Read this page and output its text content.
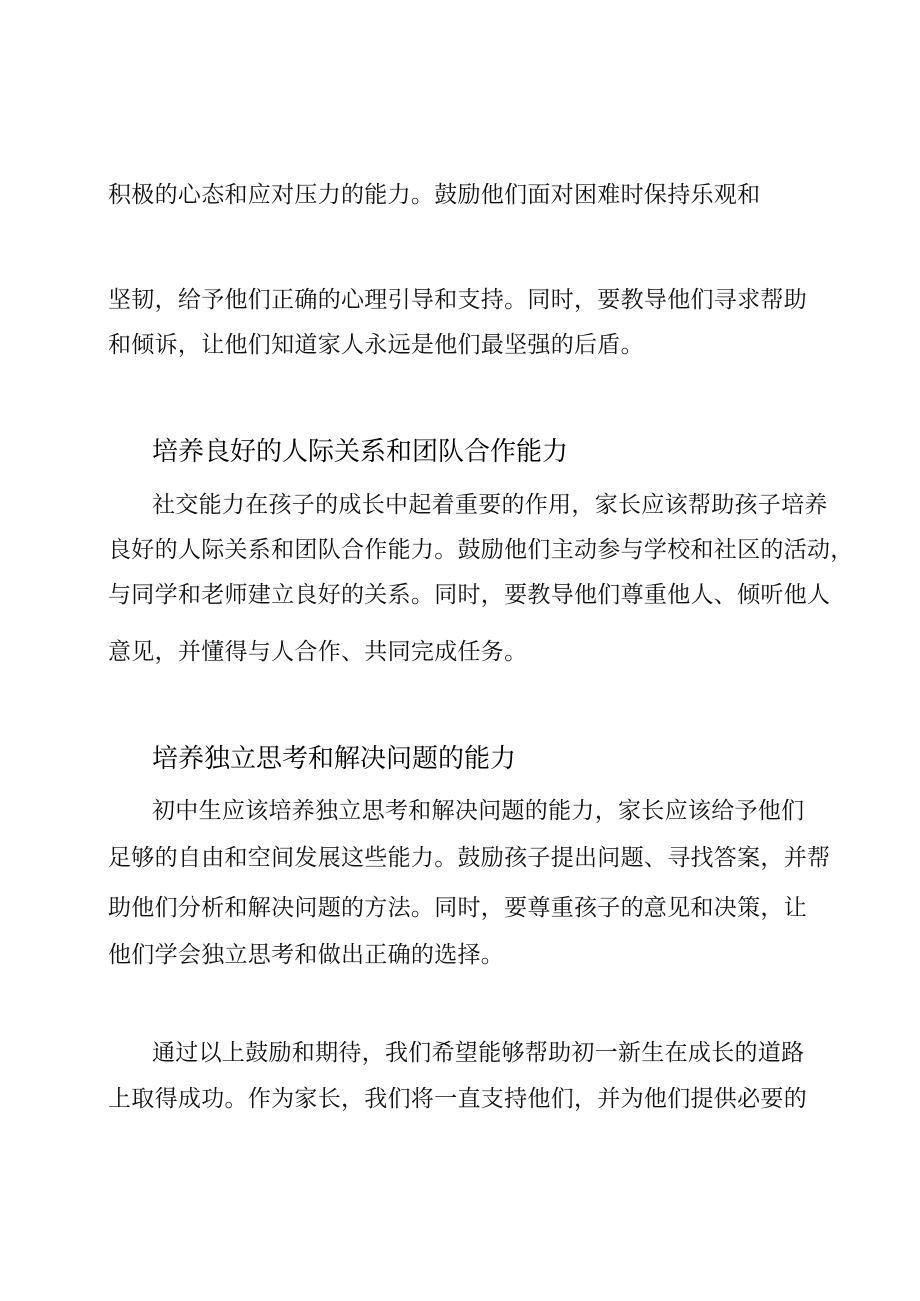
积极的心态和应对压力的能力。鼓励他们面对困难时保持乐观和
坚韧，给予他们正确的心理引导和支持。同时，要教导他们寻求帮助
和倾诉，让他们知道家人永远是他们最坚强的后盾。
培养良好的人际关系和团队合作能力
社交能力在孩子的成长中起着重要的作用，家长应该帮助孩子培养
良好的人际关系和团队合作能力。鼓励他们主动参与学校和社区的活动，
与同学和老师建立良好的关系。同时，要教导他们尊重他人、倾听他人
意见，并懂得与人合作、共同完成任务。
培养独立思考和解决问题的能力
初中生应该培养独立思考和解决问题的能力，家长应该给予他们
足够的自由和空间发展这些能力。鼓励孩子提出问题、寻找答案，并帮
助他们分析和解决问题的方法。同时，要尊重孩子的意见和决策，让
他们学会独立思考和做出正确的选择。
通过以上鼓励和期待，我们希望能够帮助初一新生在成长的道路
上取得成功。作为家长，我们将一直支持他们，并为他们提供必要的
